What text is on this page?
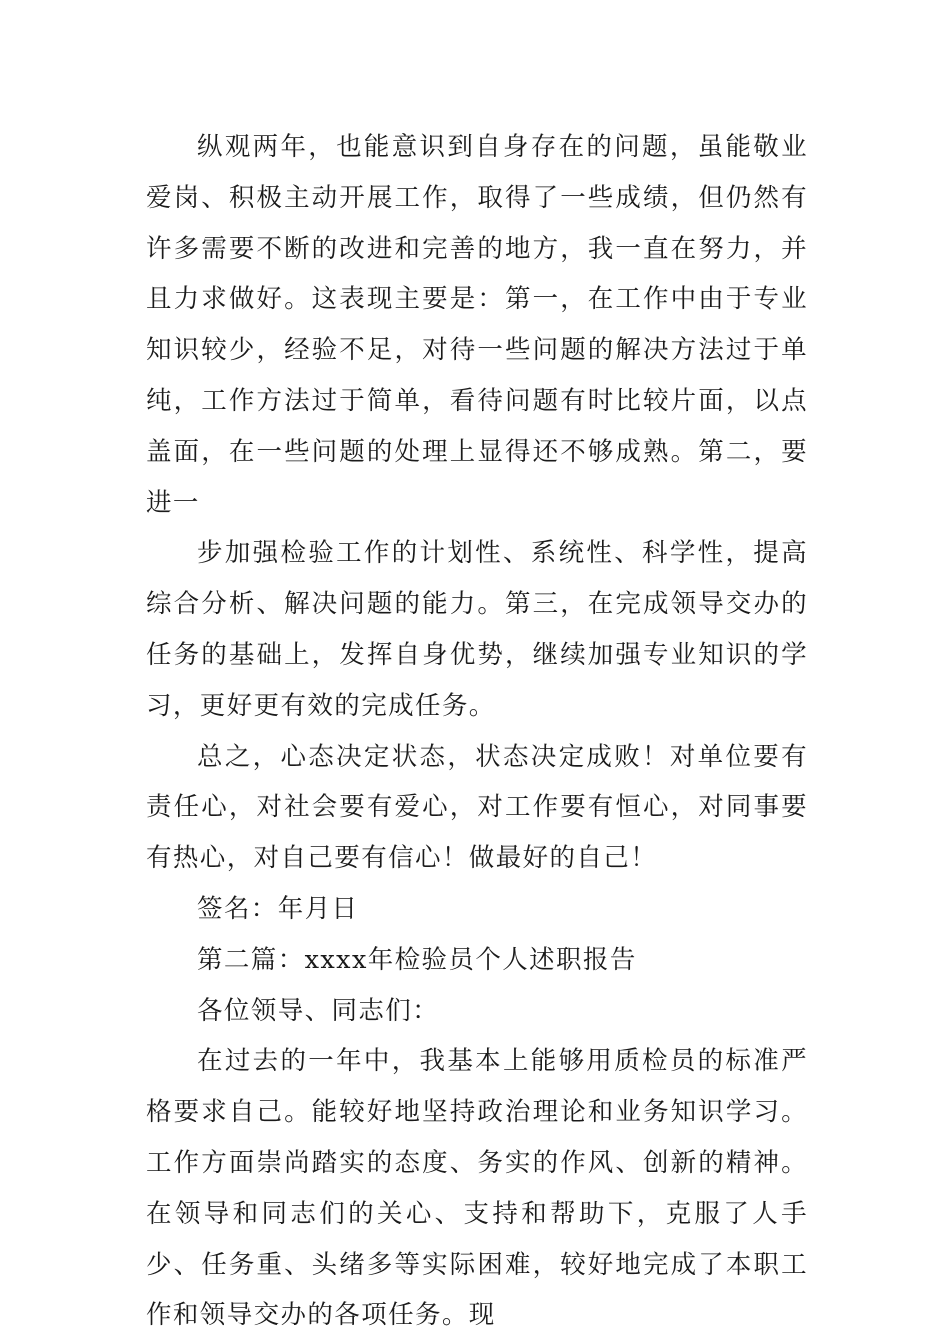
纵观两年，也能意识到自身存在的问题，虽能敬业爱岗、积极主动开展工作，取得了一些成绩，但仍然有许多需要不断的改进和完善的地方，我一直在努力，并且力求做好。这表现主要是：第一，在工作中由于专业知识较少，经验不足，对待一些问题的解决方法过于单纯，工作方法过于简单，看待问题有时比较片面，以点盖面，在一些问题的处理上显得还不够成熟。第二，要进一

步加强检验工作的计划性、系统性、科学性，提高综合分析、解决问题的能力。第三，在完成领导交办的任务的基础上，发挥自身优势，继续加强专业知识的学习，更好更有效的完成任务。

总之，心态决定状态，状态决定成败！对单位要有责任心，对社会要有爱心，对工作要有恒心，对同事要有热心，对自己要有信心！做最好的自己！

签名：年月日

第二篇：xxxx年检验员个人述职报告

各位领导、同志们：

在过去的一年中，我基本上能够用质检员的标准严格要求自己。能较好地坚持政治理论和业务知识学习。工作方面崇尚踏实的态度、务实的作风、创新的精神。在领导和同志们的关心、支持和帮助下，克服了人手少、任务重、头绪多等实际困难，较好地完成了本职工作和领导交办的各项任务。现
